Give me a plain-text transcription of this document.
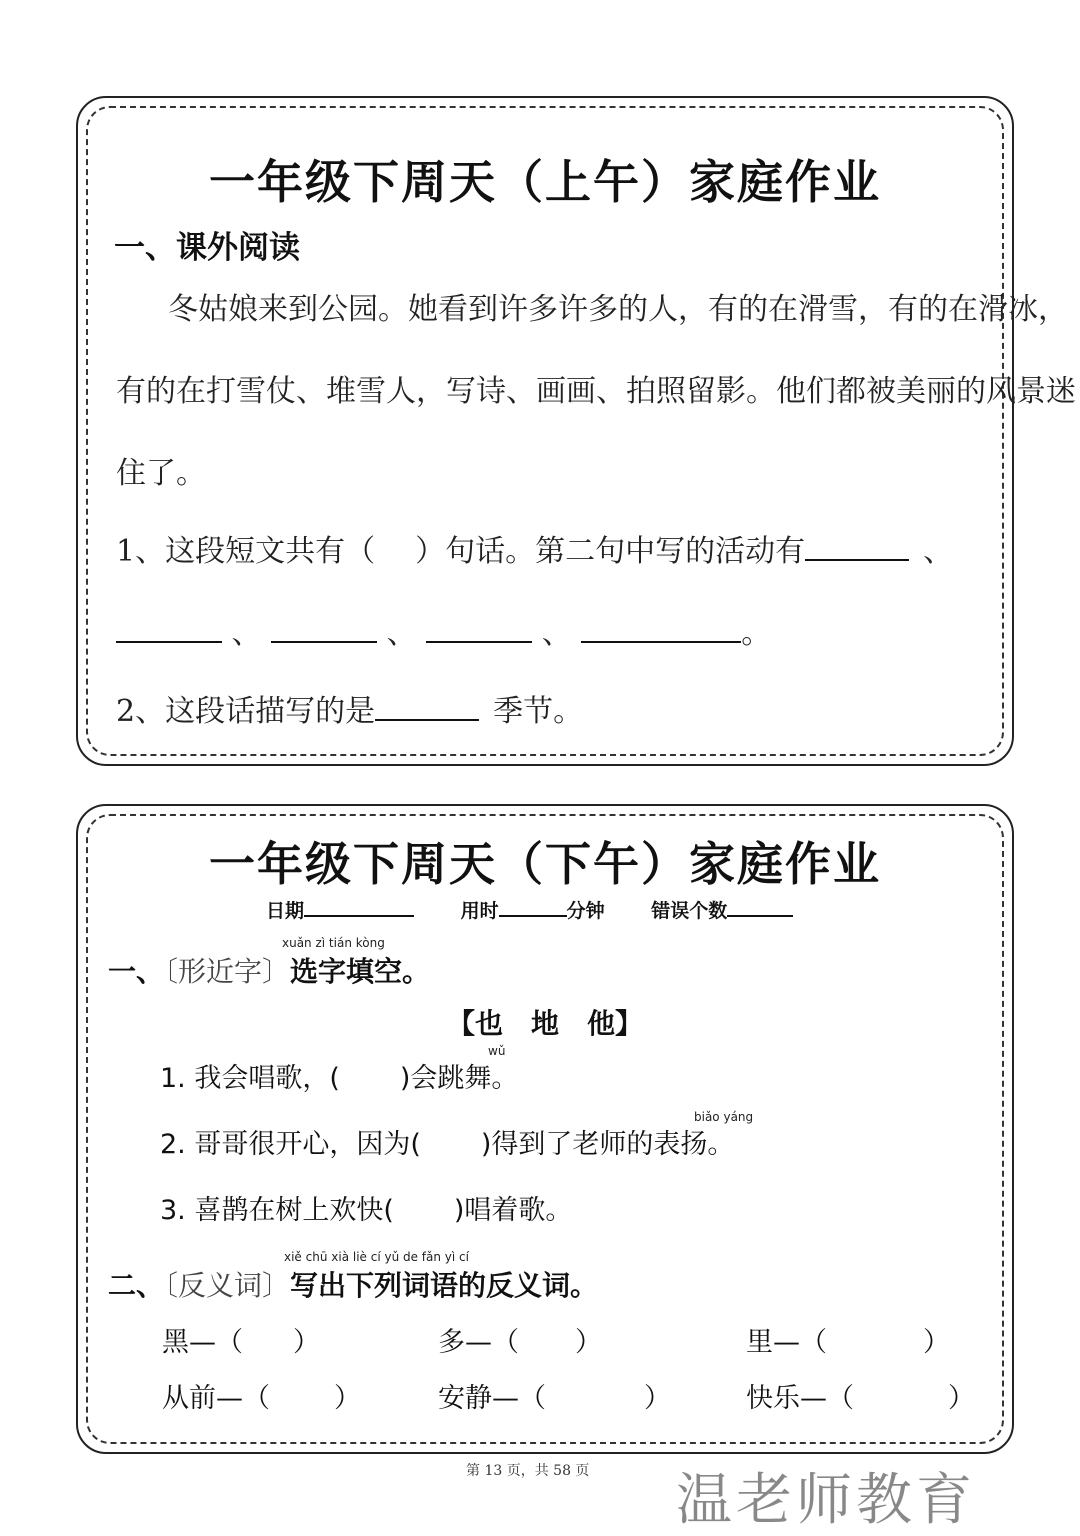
一年级下周天（上午）家庭作业
一、课外阅读
冬姑娘来到公园。她看到许多许多的人，有的在滑雪，有的在滑冰，
有的在打雪仗、堆雪人，写诗、画画、拍照留影。他们都被美丽的风景迷
住了。
1、这段短文共有（ ）句话。第二句中写的活动有	、
、	、	、	。
2、这段话描写的是	季节。
一年级下周天（下午）家庭作业
日期	用时	分钟 错误个数
xuǎn zì tián kòng
一、〔形近字〕选字填空。
【也　地　他】
wǔ
1. 我会唱歌，( )会跳舞。
biǎo yáng
2. 哥哥很开心，因为( )得到了老师的表扬。
3. 喜鹊在树上欢快( )唱着歌。
xiě chū xià liè cí yǔ de fǎn yì cí
二、〔反义词〕写出下列词语的反义词。
黑—（ ）	多—（ ）	里—（	）
从前—（ ）	安静—（	）	快乐—（	）
第 13 页，共 58 页 温老师教育
